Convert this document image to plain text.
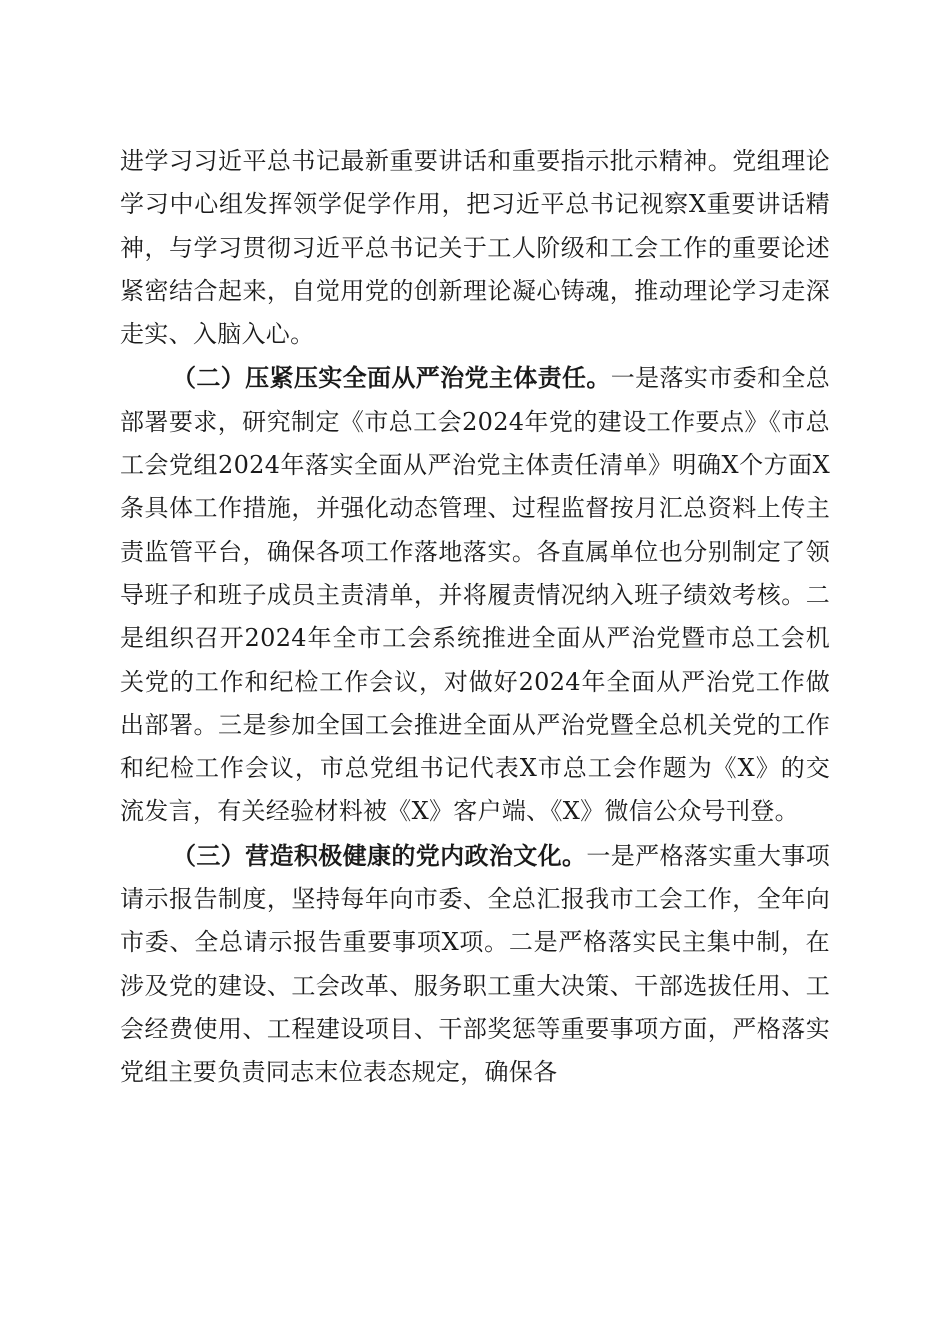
进学习习近平总书记最新重要讲话和重要指示批示精神。党组理论学习中心组发挥领学促学作用，把习近平总书记视察X重要讲话精神，与学习贯彻习近平总书记关于工人阶级和工会工作的重要论述紧密结合起来，自觉用党的创新理论凝心铸魂，推动理论学习走深走实、入脑入心。

（二）压紧压实全面从严治党主体责任。一是落实市委和全总部署要求，研究制定《市总工会2024年党的建设工作要点》《市总工会党组2024年落实全面从严治党主体责任清单》明确X个方面X条具体工作措施，并强化动态管理、过程监督按月汇总资料上传主责监管平台，确保各项工作落地落实。各直属单位也分别制定了领导班子和班子成员主责清单，并将履责情况纳入班子绩效考核。二是组织召开2024年全市工会系统推进全面从严治党暨市总工会机关党的工作和纪检工作会议，对做好2024年全面从严治党工作做出部署。三是参加全国工会推进全面从严治党暨全总机关党的工作和纪检工作会议，市总党组书记代表X市总工会作题为《X》的交流发言，有关经验材料被《X》客户端、《X》微信公众号刊登。

（三）营造积极健康的党内政治文化。一是严格落实重大事项请示报告制度，坚持每年向市委、全总汇报我市工会工作，全年向市委、全总请示报告重要事项X项。二是严格落实民主集中制，在涉及党的建设、工会改革、服务职工重大决策、干部选拔任用、工会经费使用、工程建设项目、干部奖惩等重要事项方面，严格落实党组主要负责同志末位表态规定，确保各
